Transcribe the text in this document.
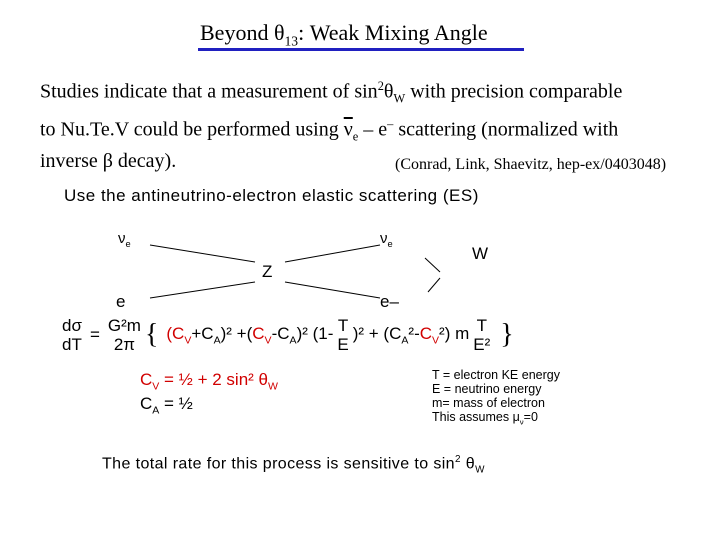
Beyond $\theta_{13}$: Weak Mixing Angle
Studies indicate that a measurement of $\sin^2\theta_W$ with precision comparable
to Nu.Te.V could be performed using $\overline{\nu}_e - e^-$ scattering (normalized with
inverse β decay).	(Conrad, Link, Shaevitz, hep-ex/0403048)
Use the antineutrino-electron elastic scattering (ES)
$\nu_e$	$\nu_e$
Z
W
e	e–
dσ
dT
= G²m
2π { $(C_V+C_A)^2$ +( $C_V-C_A)^2$ (1- T
E
)$^2 + (C_A^2-C_V^2)$ m T
E² }
$C_V$ = ½ + 2 sin² $\theta_W$
$C_A$ = ½
T = electron KE energy
E = neutrino energy
m= mass of electron
This assumes $\mu_\nu=0$
The total rate for this process is sensitive to $\sin^2 \theta_W$
